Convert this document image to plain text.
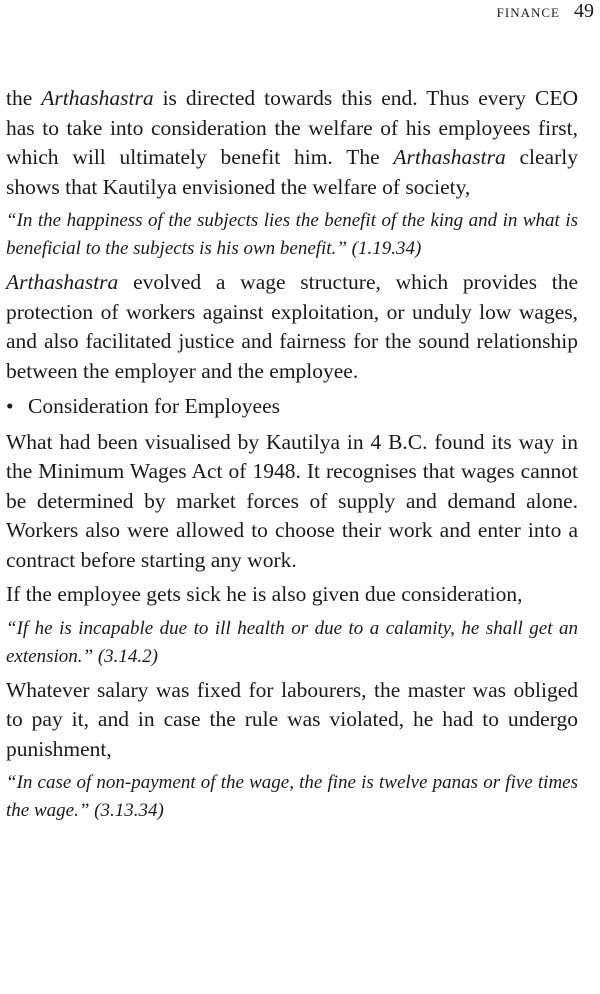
FINANCE 49

the Arthashastra is directed towards this end. Thus every CEO has to take into consideration the welfare of his employees first, which will ultimately benefit him. The Arthashastra clearly shows that Kautilya envisioned the welfare of society,

“In the happiness of the subjects lies the benefit of the king and in what is beneficial to the subjects is his own benefit.” (1.19.34)

Arthashastra evolved a wage structure, which provides the protection of workers against exploitation, or unduly low wages, and also facilitated justice and fairness for the sound relationship between the employer and the employee.

• Consideration for Employees

What had been visualised by Kautilya in 4 B.C. found its way in the Minimum Wages Act of 1948. It recognises that wages cannot be determined by market forces of supply and demand alone. Workers also were allowed to choose their work and enter into a contract before starting any work.

If the employee gets sick he is also given due consideration,

“If he is incapable due to ill health or due to a calamity, he shall get an extension.” (3.14.2)

Whatever salary was fixed for labourers, the master was obliged to pay it, and in case the rule was violated, he had to undergo punishment,

“In case of non-payment of the wage, the fine is twelve panas or five times the wage.” (3.13.34)
